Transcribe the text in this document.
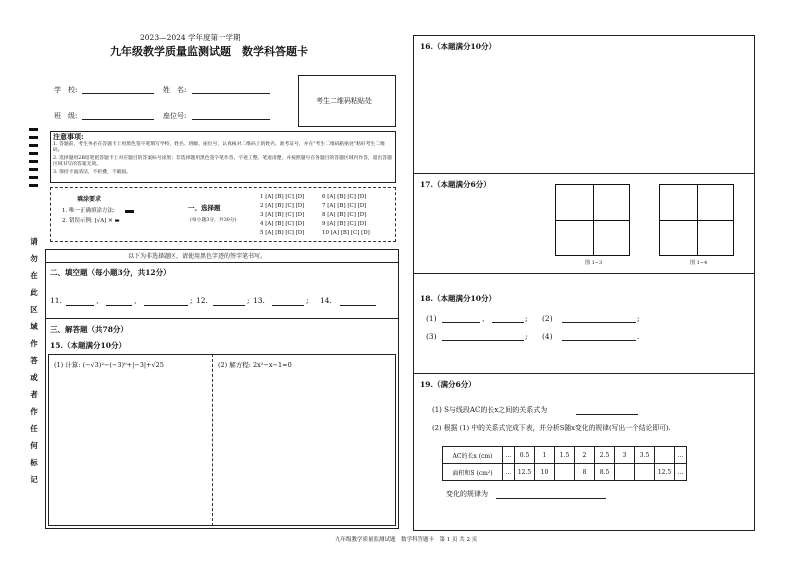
2023—2024 学年度第一学期
九年级教学质量监测试题　数学科答题卡
学　校:	姓　名:
班　级:	座位号:
考生二维码粘贴处
注意事项:
1. 答题前，考生务必在答题卡上用黑色签字笔填写学校、姓名、班级、座位号，认真核对二维码上的姓名、准考证号，并在"考生二维码粘贴处"粘好考生二维码。
2. 选择题用2B铅笔把答题卡上对应题目的答案标号涂黑；非选择题用黑色签字笔作答，字迹工整、笔迹清楚，并按照题号在各题目的答题区域内作答，超出答题区域书写的答案无效。
3. 保持卡面清洁，不折叠，不破损。
填涂要求
1. 唯一正确填涂方法:
2. 错误示例: [√A] ✕ ▬
一、选择题
(每小题3分，共30分)
1 [A] [B] [C] [D]
2 [A] [B] [C] [D]
3 [A] [B] [C] [D]
4 [A] [B] [C] [D]
5 [A] [B] [C] [D]
6 [A] [B] [C] [D]
7 [A] [B] [C] [D]
8 [A] [B] [C] [D]
9 [A] [B] [C] [D]
10 [A] [B] [C] [D]
请
勿
在
此
区
域
作
答
或
者
作
任
何
标
记
以下为非选择题区，请使用黑色字迹的签字笔书写。
二、填空题（每小题3分，共12分）
11.	、	、	; 12.	; 13.	; 14.
三、解答题（共78分）
15.（本题满分10分）
(1) 计算: (−√3)²−(−3)⁰+|−3|+√25	(2) 解方程: 2x²−x−1=0
九年级教学质量监测试题　数学科答题卡　第 1 页 共 2 页
16.（本题满分10分）
17.（本题满分6分）
图 1−3	图 1−4
18.（本题满分10分）
(1)	、	; (2)	;
(3)	; (4)	.
19.（满分6分）
(1) S与线段AC的长x之间的关系式为
(2) 根据 (1) 中的关系式完成下表，并分析S随x变化的规律(写出一个结论即可).
AC的长x (cm)	…	0.5	1	1.5	2	2.5	3	3.5		…
面积和S (cm²)	…	12.5	10		8	8.5			12.5	…
变化的规律为
